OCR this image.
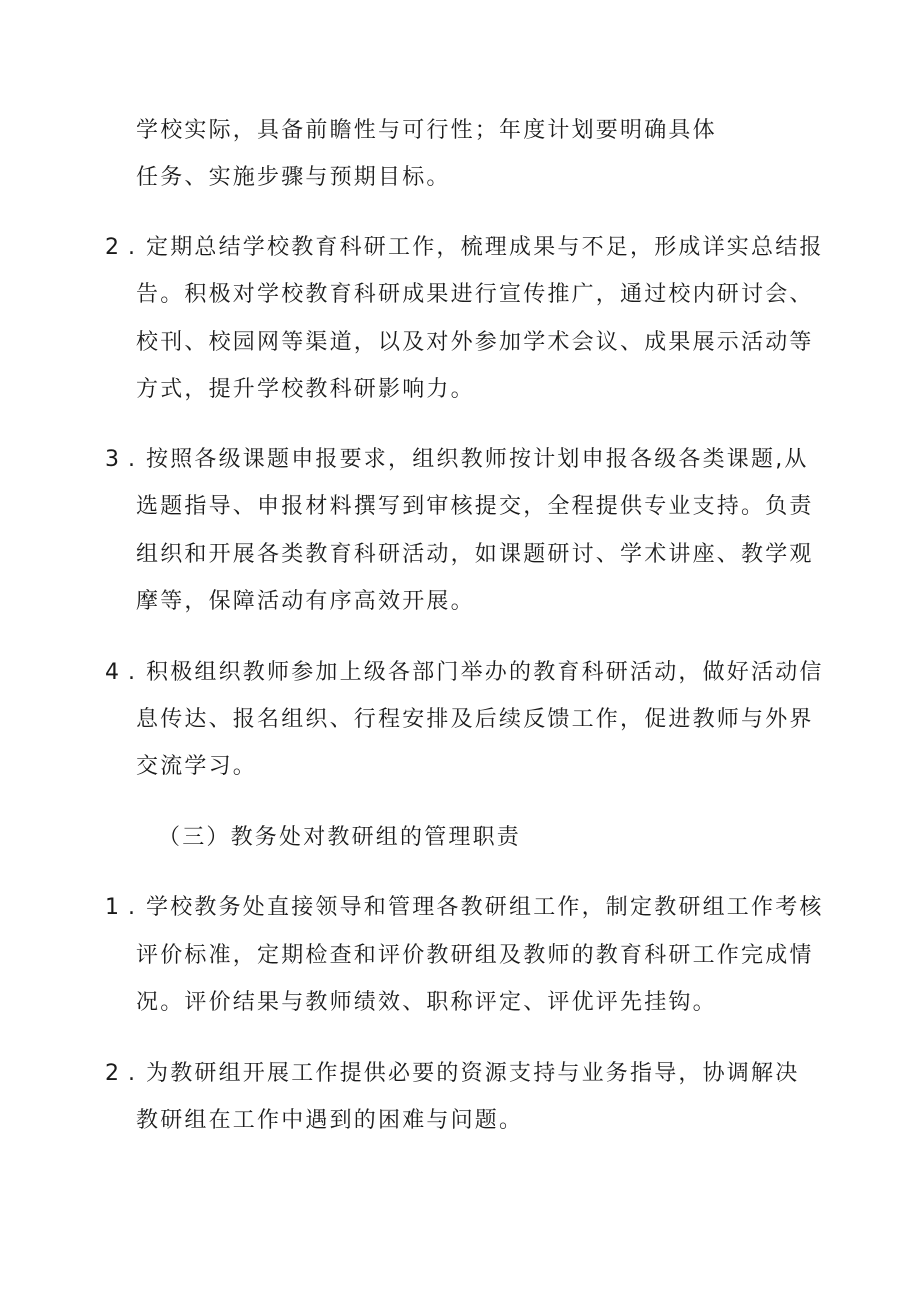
学校实际，具备前瞻性与可行性；年度计划要明确具体
任务、实施步骤与预期目标。
2 . 定期总结学校教育科研工作，梳理成果与不足，形成详实总结报
告。积极对学校教育科研成果进行宣传推广，通过校内研讨会、
校刊、校园网等渠道，以及对外参加学术会议、成果展示活动等
方式，提升学校教科研影响力。
3 . 按照各级课题申报要求，组织教师按计划申报各级各类课题,从
选题指导、申报材料撰写到审核提交，全程提供专业支持。负责
组织和开展各类教育科研活动，如课题研讨、学术讲座、教学观
摩等，保障活动有序高效开展。
4 . 积极组织教师参加上级各部门举办的教育科研活动，做好活动信
息传达、报名组织、行程安排及后续反馈工作，促进教师与外界
交流学习。
（三）教务处对教研组的管理职责
1 . 学校教务处直接领导和管理各教研组工作，制定教研组工作考核
评价标准，定期检查和评价教研组及教师的教育科研工作完成情
况。评价结果与教师绩效、职称评定、评优评先挂钩。
2 . 为教研组开展工作提供必要的资源支持与业务指导，协调解决
教研组在工作中遇到的困难与问题。
